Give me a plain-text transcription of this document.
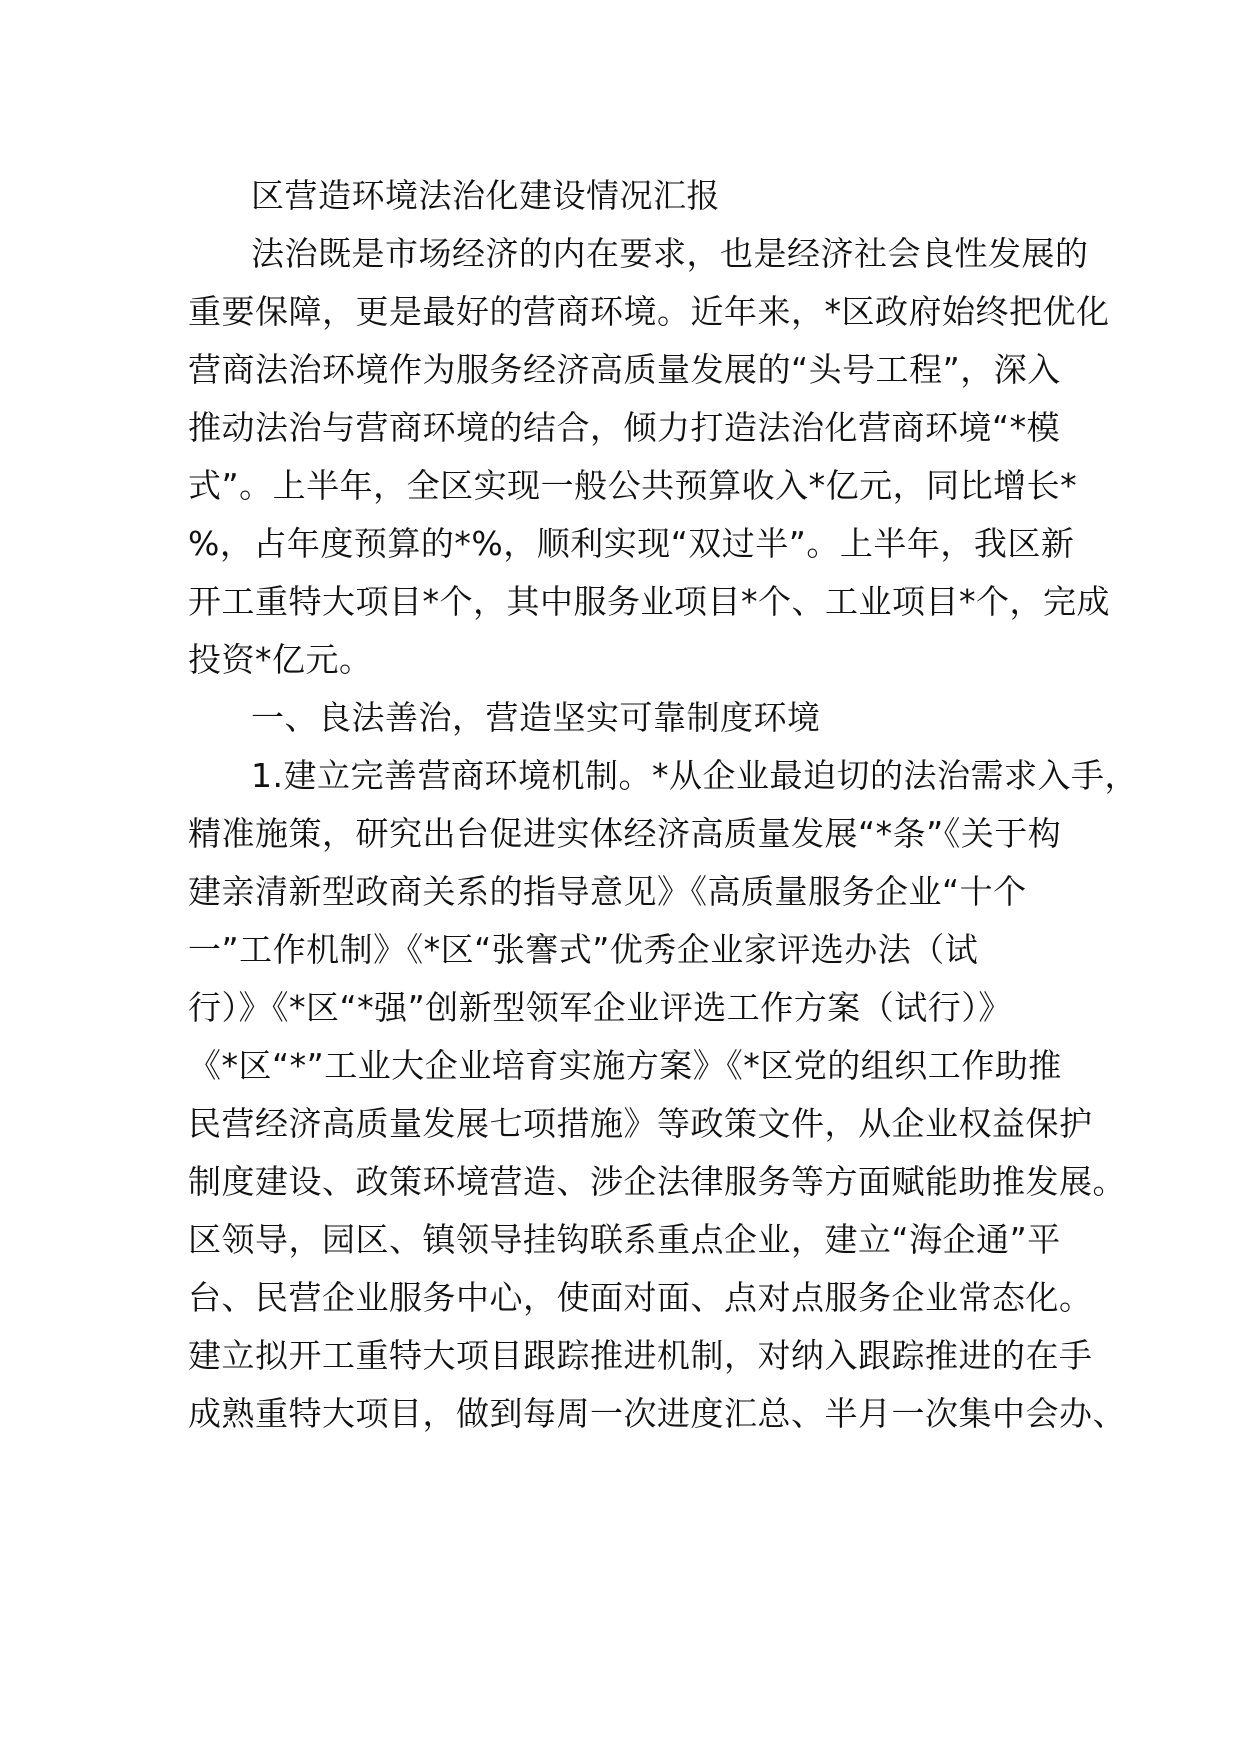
区营造环境法治化建设情况汇报
法治既是市场经济的内在要求，也是经济社会良性发展的
重要保障，更是最好的营商环境。近年来，*区政府始终把优化
营商法治环境作为服务经济高质量发展的“头号工程”，深入
推动法治与营商环境的结合，倾力打造法治化营商环境“*模
式”。上半年，全区实现一般公共预算收入*亿元，同比增长*
%，占年度预算的*%，顺利实现“双过半”。上半年，我区新
开工重特大项目*个，其中服务业项目*个、工业项目*个，完成
投资*亿元。
一、良法善治，营造坚实可靠制度环境
1.建立完善营商环境机制。*从企业最迫切的法治需求入手，
精准施策，研究出台促进实体经济高质量发展“*条”《关于构
建亲清新型政商关系的指导意见》《高质量服务企业“十个
一”工作机制》《*区“张謇式”优秀企业家评选办法（试
行）》《*区“*强”创新型领军企业评选工作方案（试行）》
《*区“*”工业大企业培育实施方案》《*区党的组织工作助推
民营经济高质量发展七项措施》等政策文件，从企业权益保护
制度建设、政策环境营造、涉企法律服务等方面赋能助推发展。
区领导，园区、镇领导挂钩联系重点企业，建立“海企通”平
台、民营企业服务中心，使面对面、点对点服务企业常态化。
建立拟开工重特大项目跟踪推进机制，对纳入跟踪推进的在手
成熟重特大项目，做到每周一次进度汇总、半月一次集中会办、
